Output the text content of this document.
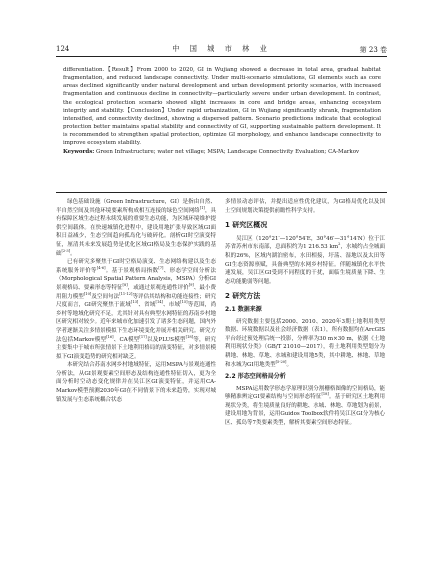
124	中 国 城 市 林 业	第 23 卷

differentiation.【Result】From 2000 to 2020, GI in Wujiang showed a decrease in total area, gradual habitat fragmentation, and reduced landscape connectivity. Under multi-scenario simulations, GI elements such as core areas declined significantly under natural development and urban development priority scenarios, with increased fragmentation and continuous decline in connectivity—particularly severe under urban development. In contrast, the ecological protection scenario showed slight increases in core and bridge areas, enhancing ecosystem integrity and stability.【Conclusion】Under rapid urbanization, GI in Wujiang significantly shrank, fragmentation intensified, and connectivity declined, showing a dispersed pattern. Scenario predictions indicate that ecological protection better maintains spatial stability and connectivity of GI, supporting sustainable pattern development. It is recommended to strengthen spatial protection, optimize GI morphology, and enhance landscape connectivity to improve ecosystem stability.

Keywords: Green Infrastructure; water net village; MSPA; Landscape Connectivity Evaluation; CA-Markov

绿色基础设施（Green Infrastructure，GI）是指由自然、半自然空间及其他环境要素所构成相互连接的绿色空间网络[1]，具有保障区域生态过程永续发展的重要生态功能，为区域环境维护提供空间载体。在快速城镇化进程中，建设用地扩张导致区域GI面积日益减少，生态空间趋向孤岛化与破碎化。剖析GI时空演变特征，厘清其未来发展趋势是优化区域GI格局及生态保护实践的基础[2-3]。

已有研究多聚焦于GI时空格局演变、生态网络构建以及生态系统服务评价等[4-6]。基于景观格局指数[7]、形态学空间分析法（Morphological Spatial Pattern Analysis，MSPA）分析GI景观格局、要素形态等特征[8]，或通过景观连通性评价[9]、最小费用阻力模型[10]及空间句法[11-12]等评估其结构和功能连接性；研究尺度而言，GI研究聚焦于流域[13]、省域[14]、市域[15]等范围，尚乡村等地域化研究不足，尤其针对具有典型水网特征的苏南乡村地区研究相对较少。近年来城市化加速引发了诸多生态问题，国内外学者逐渐关注多情景模拟下生态环境变化并展开相关研究。研究方法包括Markov模型[16]、CA模型[17]以及PLUS模型[18]等，研究主要集中于城市所张情景下土地利用格局的演变特征，对多情景模拟下GI演变趋势的研究相对缺乏。

本研究结合苏南水网乡村地域特征，运用MSPA与景观连通性分析法，从GI景观要素空间形态及结构连通性特征切入，更为全面分析时空动态变化规律并在吴江区GI演变特征，并运用CA-Markov模型预测2030年GI在不同情景下的未来趋势，实现对城镇发展与生态系统耦合状态

多情景动态评估，并提出适应性优化建议，为GI格局优化以及国土空间规划决策提供前瞻性科学支持。

1 研究区概况

吴江区（120°21′—120°54′E，30°46′—31°14′N）位于江苏省苏州市东南部，总面积约为1 216.53 $km^2$，水城约占全城面积的26%，区域内湖泊密布，水田相接，圩荡、湿地以及太田等GI生态资源禀赋，具备典型的水网乡村特征。伴随城镇化水平快速发展，吴江区GI受到不同程度的干扰，面临生境质量下降、生态功能脆弱等问题。

2 研究方法
2.1 数据来源

研究数据主要包括2000、2010、2020年3期土地利用类型数据、环境数据以及社会经济数据（表1），所有数据均在ArcGIS平台经过预处理后统一投影，分辨率为30 m×30 m，依据《土地利用现状分类》（GB/T 21010—2017），将土地利用类型划分为耕地、林地、草地、水城和建设用地5类，其中耕地、林地、草地和水城为GI用地类型[5-20]。

2.2 形态空间格局分析

MSPA运用数学形态学原理识别分割栅格图像的空间格局，能够精准辨定GI要素结构与空间形态特征[18]。基于研究区土地利用现状分类，将生境质量良好的耕地、水城、林地、草地划为前景，建设用地为背景，运用Guidos Toolbox软件将吴江区GI分为核心区、孤岛等7类要素类型，解析其要素空间形态特征。
